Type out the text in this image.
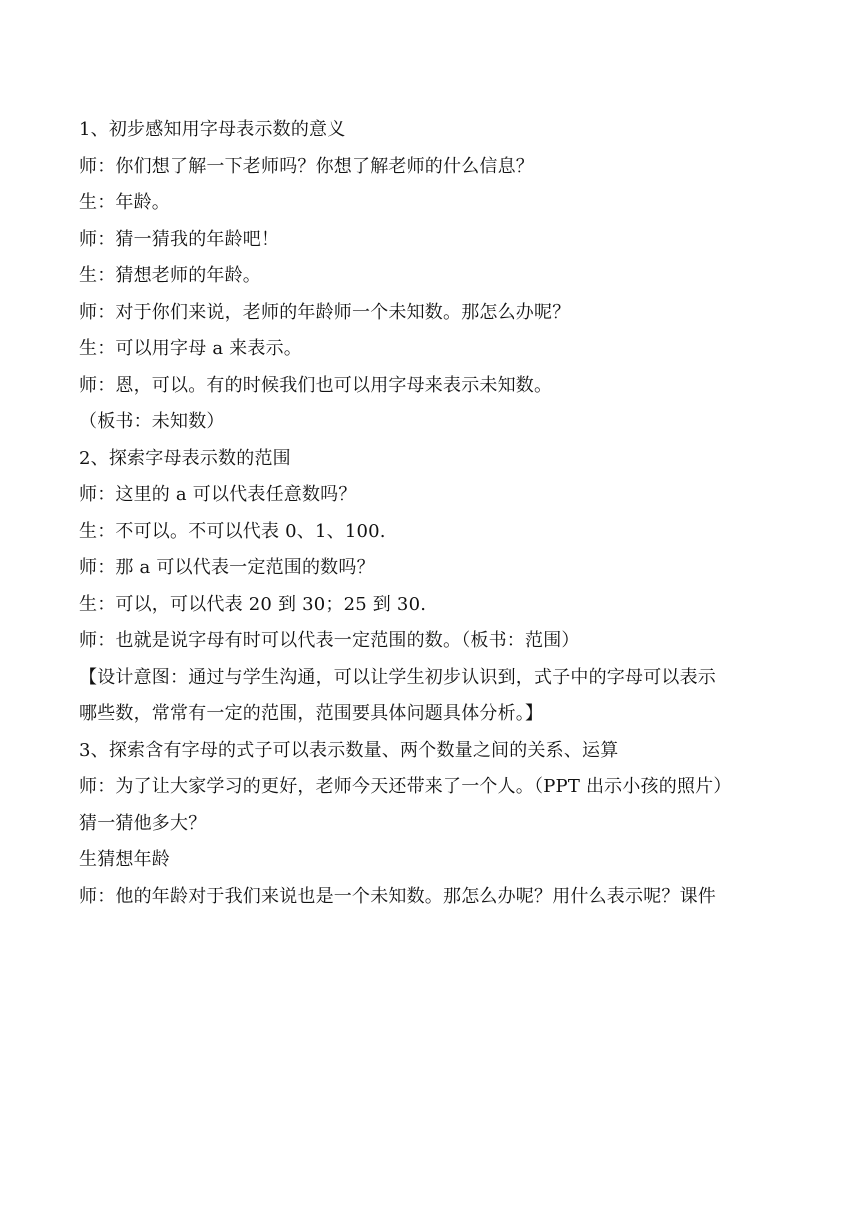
1、初步感知用字母表示数的意义
师：你们想了解一下老师吗？你想了解老师的什么信息？
生：年龄。
师：猜一猜我的年龄吧！
生：猜想老师的年龄。
师：对于你们来说，老师的年龄师一个未知数。那怎么办呢？
生：可以用字母 a 来表示。
师：恩，可以。有的时候我们也可以用字母来表示未知数。
（板书：未知数）
2、探索字母表示数的范围
师：这里的 a 可以代表任意数吗？
生：不可以。不可以代表 0、1、100.
师：那 a 可以代表一定范围的数吗？
生：可以，可以代表 20 到 30；25 到 30.
师：也就是说字母有时可以代表一定范围的数。（板书：范围）
【设计意图：通过与学生沟通，可以让学生初步认识到，式子中的字母可以表示
哪些数，常常有一定的范围，范围要具体问题具体分析。】
3、探索含有字母的式子可以表示数量、两个数量之间的关系、运算
师：为了让大家学习的更好，老师今天还带来了一个人。（PPT 出示小孩的照片）
猜一猜他多大？
生猜想年龄
师：他的年龄对于我们来说也是一个未知数。那怎么办呢？用什么表示呢？课件
